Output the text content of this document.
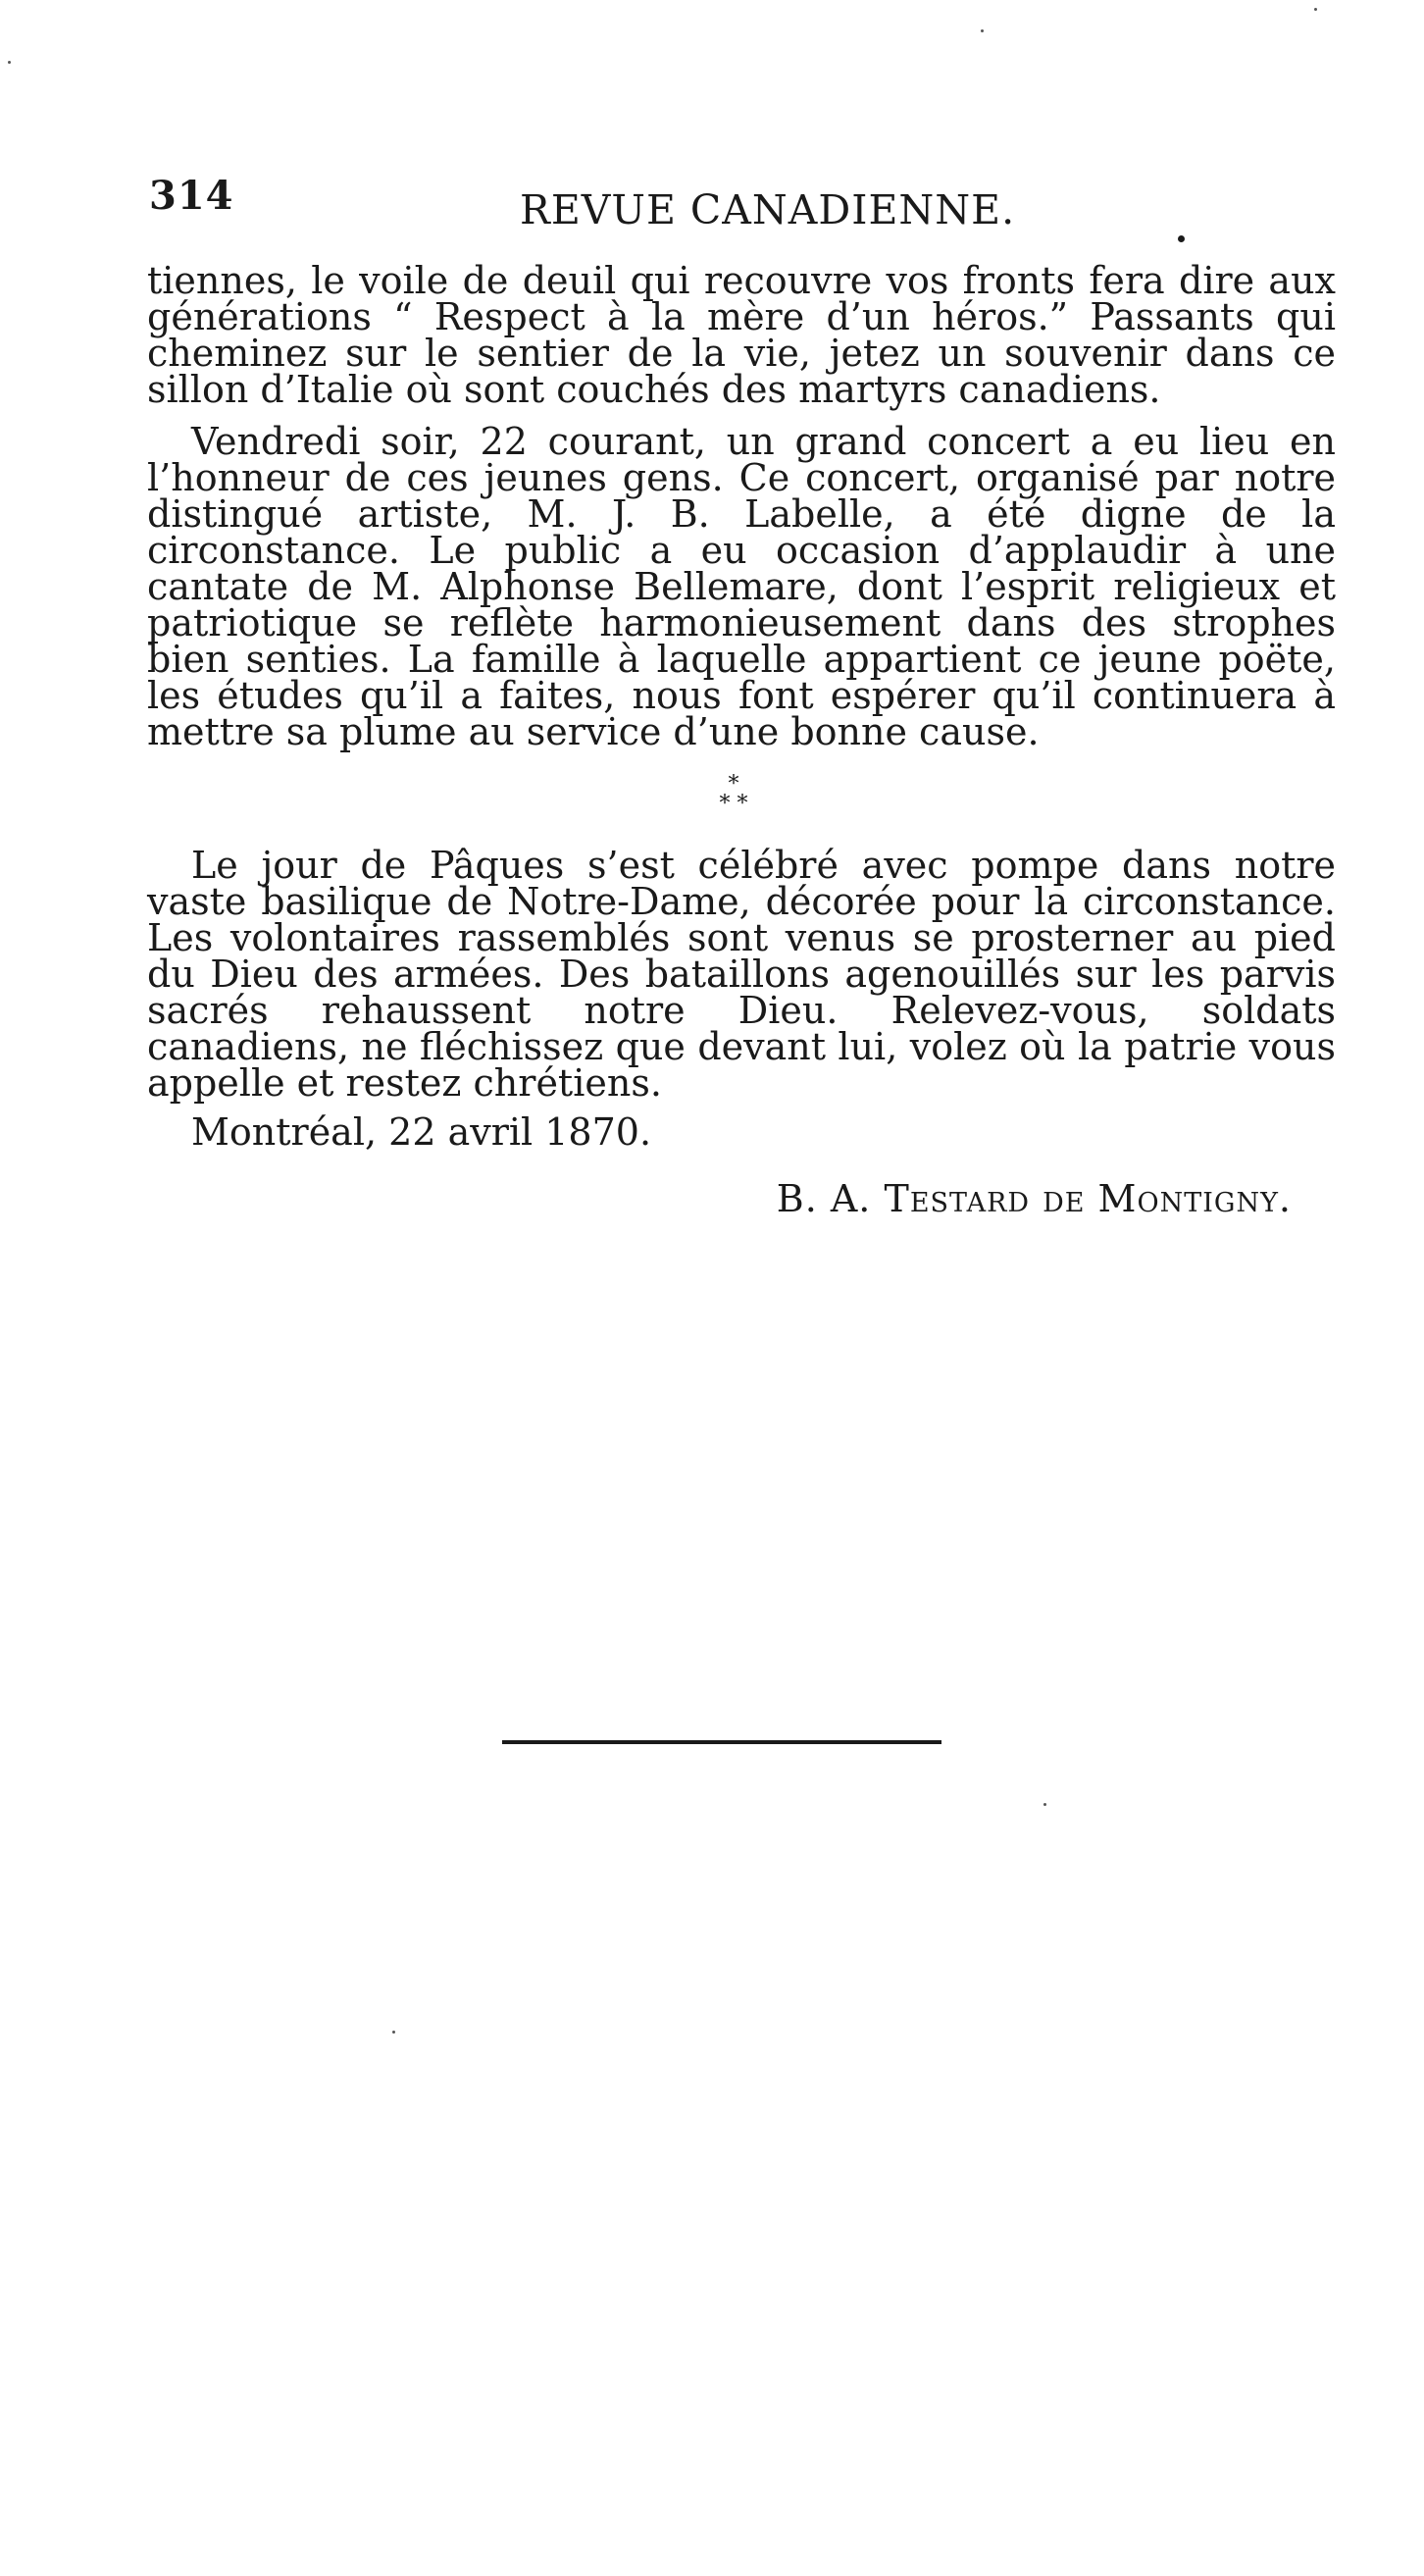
314	REVUE CANADIENNE.

tiennes, le voile de deuil qui recouvre vos fronts fera dire aux générations “ Respect à la mère d’un héros.” Passants qui cheminez sur le sentier de la vie, jetez un souvenir dans ce sillon d’Italie où sont couchés des martyrs canadiens.

Vendredi soir, 22 courant, un grand concert a eu lieu en l’honneur de ces jeunes gens. Ce concert, organisé par notre distingué artiste, M. J. B. Labelle, a été digne de la circonstance. Le public a eu occasion d’applaudir à une cantate de M. Alphonse Bellemare, dont l’esprit religieux et patriotique se reflète harmonieusement dans des strophes bien senties. La famille à laquelle appartient ce jeune poëte, les études qu’il a faites, nous font espérer qu’il continuera à mettre sa plume au service d’une bonne cause.

*
* *

Le jour de Pâques s’est célébré avec pompe dans notre vaste basilique de Notre-Dame, décorée pour la circonstance. Les volontaires rassemblés sont venus se prosterner au pied du Dieu des armées. Des bataillons agenouillés sur les parvis sacrés rehaussent notre Dieu. Relevez-vous, soldats canadiens, ne fléchissez que devant lui, volez où la patrie vous appelle et restez chrétiens.

Montréal, 22 avril 1870.
B. A. Testard de Montigny.
